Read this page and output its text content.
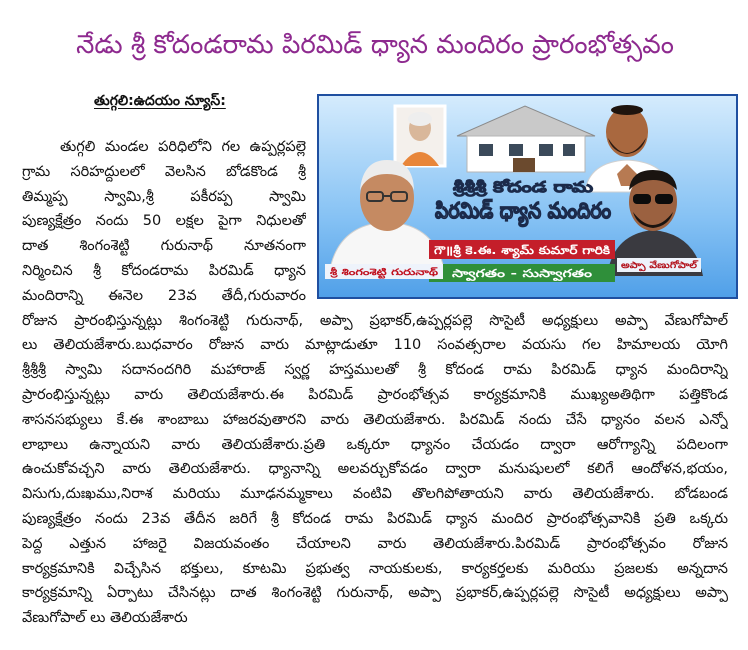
నేడు శ్రీ కోదండరామ పిరమిడ్ ధ్యాన మందిరం ప్రారంభోత్సవం
తుగ్గలి:ఉదయం న్యూస్:
శ్రీశ్రీశ్రీ కోదండ రామ
పిరమిడ్ ధ్యాన మందిరం
గౌ॥శ్రీ కె.ఈ. శ్యామ్ కుమార్ గారికి
స్వాగతం - సుస్వాగతం
శ్రీ శింగంశెట్టి గురునాథ్
అప్పా వేణుగోపాల్
తుగ్గలి మండల పరిధిలోని గల ఉప్పర్లపల్లె
గ్రామ సరిహద్దులలో వెలసిన బోడకొండ శ్రీ
తిమ్మప్ప స్వామి,శ్రీ పకీరప్ప స్వామి
పుణ్యక్షేత్రం నందు 50 లక్షల పైగా నిధులతో
దాత శింగంశెట్టి గురునాథ్ నూతనంగా
నిర్మించిన శ్రీ కోదండరామ పిరమిడ్ ధ్యాన
మందిరాన్ని ఈనెల 23వ తేదీ,గురువారం
రోజున ప్రారంభిస్తున్నట్లు శింగంశెట్టి గురునాథ్, అప్పా ప్రభాకర్,ఉప్పర్లపల్లె సొసైటీ అధ్యక్షులు అప్పా వేణుగోపాల్
లు తెలియజేశారు.బుధవారం రోజున వారు మాట్లాడుతూ 110 సంవత్సరాల వయసు గల హిమాలయ యోగి
శ్రీశ్రీశ్రీ స్వామి సదానందగిరి మహారాజ్ స్వర్ణ హస్తములతో శ్రీ కోదండ రామ పిరమిడ్ ధ్యాన మందిరాన్ని
ప్రారంభిస్తున్నట్లు వారు తెలియజేశారు.ఈ పిరమిడ్ ప్రారంభోత్సవ కార్యక్రమానికి ముఖ్యఅతిథిగా పత్తికొండ
శాసనసభ్యులు కే.ఈ శాంబాబు హాజరవుతారని వారు తెలియజేశారు. పిరమిడ్ నందు చేసే ధ్యానం వలన ఎన్నో
లాభాలు ఉన్నాయని వారు తెలియజేశారు.ప్రతి ఒక్కరూ ధ్యానం చేయడం ద్వారా ఆరోగ్యాన్ని పదిలంగా
ఉంచుకోవచ్చని వారు తెలియజేశారు. ధ్యానాన్ని అలవర్చుకోవడం ద్వారా మనుషులలో కలిగే ఆందోళన,భయం,
విసుగు,దుఃఖము,నిరాశ మరియు మూఢనమ్మకాలు వంటివి తొలగిపోతాయని వారు తెలియజేశారు. బోడబండ
పుణ్యక్షేత్రం నందు 23వ తేదీన జరిగే శ్రీ కోదండ రామ పిరమిడ్ ధ్యాన మందిర ప్రారంభోత్సవానికి ప్రతి ఒక్కరు
పెద్ద ఎత్తున హాజరై విజయవంతం చేయాలని వారు తెలియజేశారు.పిరమిడ్ ప్రారంభోత్సవం రోజున
కార్యక్రమానికి విచ్చేసిన భక్తులు, కూటమి ప్రభుత్వ నాయకులకు, కార్యకర్తలకు మరియు ప్రజలకు అన్నదాన
కార్యక్రమాన్ని ఏర్పాటు చేసినట్లు దాత శింగంశెట్టి గురునాథ్, అప్పా ప్రభాకర్,ఉప్పర్లపల్లె సొసైటీ అధ్యక్షులు అప్పా
వేణుగోపాల్ లు తెలియజేశారు
